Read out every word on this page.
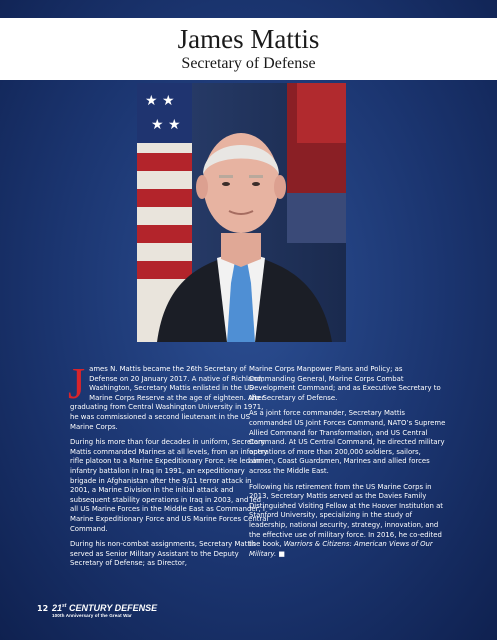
James Mattis
Secretary of Defense
★ ★
★ ★

James N. Mattis became the 26th Secretary of Defense on 20 January 2017. A native of Richland, Washington, Secretary Mattis enlisted in the US Marine Corps Reserve at the age of eighteen. After graduating from Central Washington University in 1971, he was commissioned a second lieutenant in the US Marine Corps.

During his more than four decades in uniform, Secretary Mattis commanded Marines at all levels, from an infantry rifle platoon to a Marine Expeditionary Force. He led an infantry battalion in Iraq in 1991, an expeditionary brigade in Afghanistan after the 9/11 terror attack in 2001, a Marine Division in the initial attack and subsequent stability operations in Iraq in 2003, and led all US Marine Forces in the Middle East as Commander, I Marine Expeditionary Force and US Marine Forces Central Command.

During his non-combat assignments, Secretary Mattis served as Senior Military Assistant to the Deputy Secretary of Defense; as Director,

Marine Corps Manpower Plans and Policy; as Commanding General, Marine Corps Combat Development Command; and as Executive Secretary to the Secretary of Defense.

As a joint force commander, Secretary Mattis commanded US Joint Forces Command, NATO’s Supreme Allied Command for Transformation, and US Central Command. At US Central Command, he directed military operations of more than 200,000 soldiers, sailors, airmen, Coast Guardsmen, Marines and allied forces across the Middle East.

Following his retirement from the US Marine Corps in 2013, Secretary Mattis served as the Davies Family Distinguished Visiting Fellow at the Hoover Institution at Stanford University, specializing in the study of leadership, national security, strategy, innovation, and the effective use of military force. In 2016, he co-edited the book, Warriors & Citizens: American Views of Our Military. ■

12 21st CENTURY DEFENSE
100th Anniversary of the Great War
